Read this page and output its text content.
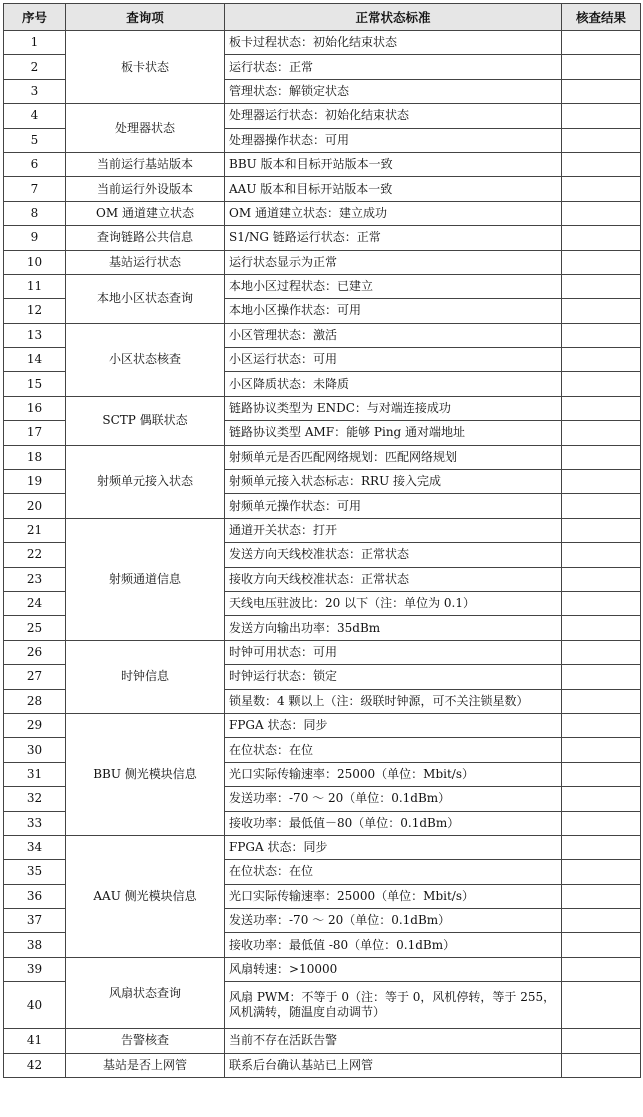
序号	查询项	正常状态标准	核查结果
1	板卡状态	板卡过程状态：初始化结束状态	
2		运行状态：正常	
3		管理状态：解锁定状态	
4	处理器状态	处理器运行状态：初始化结束状态	
5		处理器操作状态：可用	
6	当前运行基站版本	BBU 版本和目标开站版本一致	
7	当前运行外设版本	AAU 版本和目标开站版本一致	
8	OM 通道建立状态	OM 通道建立状态：建立成功	
9	查询链路公共信息	S1/NG 链路运行状态：正常	
10	基站运行状态	运行状态显示为正常	
11	本地小区状态查询	本地小区过程状态：已建立	
12		本地小区操作状态：可用	
13	小区状态核查	小区管理状态：激活	
14		小区运行状态：可用	
15		小区降质状态：未降质	
16	SCTP 偶联状态	链路协议类型为 ENDC：与对端连接成功	
17		链路协议类型 AMF：能够 Ping 通对端地址	
18	射频单元接入状态	射频单元是否匹配网络规划：匹配网络规划	
19		射频单元接入状态标志：RRU 接入完成	
20		射频单元操作状态：可用	
21	射频通道信息	通道开关状态：打开	
22		发送方向天线校准状态：正常状态	
23		接收方向天线校准状态：正常状态	
24		天线电压驻波比：20 以下（注：单位为 0.1）	
25		发送方向输出功率：35dBm	
26	时钟信息	时钟可用状态：可用	
27		时钟运行状态：锁定	
28		锁星数：4 颗以上（注：级联时钟源，可不关注锁星数）	
29	BBU 侧光模块信息	FPGA 状态：同步	
30		在位状态：在位	
31		光口实际传输速率：25000（单位：Mbit/s）	
32		发送功率：-70 ～ 20（单位：0.1dBm）	
33		接收功率：最低值－80（单位：0.1dBm）	
34	AAU 侧光模块信息	FPGA 状态：同步	
35		在位状态：在位	
36		光口实际传输速率：25000（单位：Mbit/s）	
37		发送功率：-70 ～ 20（单位：0.1dBm）	
38		接收功率：最低值 -80（单位：0.1dBm）	
39	风扇状态查询	风扇转速：>10000	
40		风扇 PWM：不等于 0（注：等于 0，风机停转，等于 255，风机满转，随温度自动调节）	
41	告警核查	当前不存在活跃告警	
42	基站是否上网管	联系后台确认基站已上网管	
